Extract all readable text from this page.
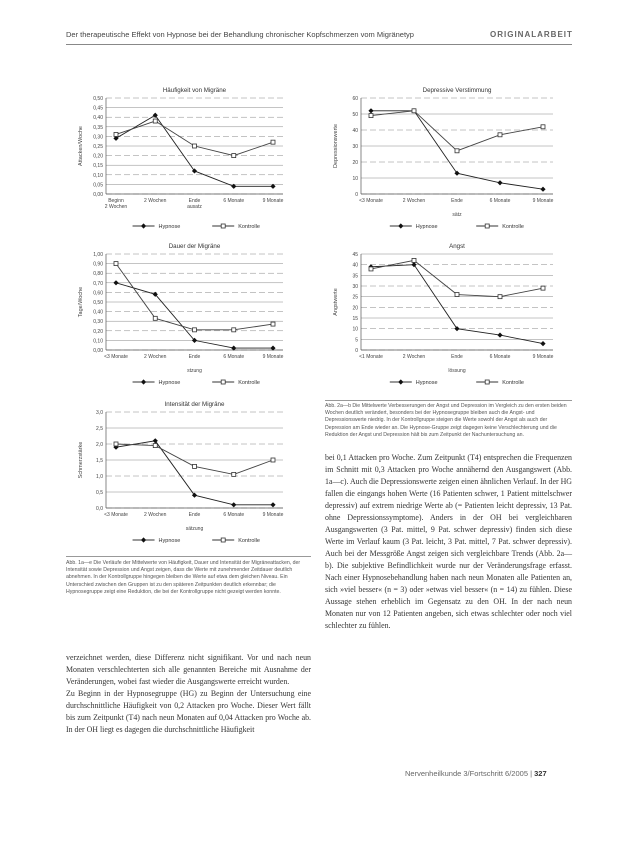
Der therapeutische Effekt von Hypnose bei der Behandlung chronischer Kopfschmerzen vom Migränetyp	ORIGINALARBEIT
Häufigkeit von Migräne
0,00
0,05
0,10
0,15
0,20
0,25
0,30
0,35
0,40
0,45
0,50
Attacken/Woche
Beginn
2 Wochen
2 Wochen	Ende
ausatz
6 Monate	9 Monate
Hypnose	Kontrolle
Depressive Verstimmung
0
10
20
30
40
50
60
Depressionswerte
<3 Monate	2 Wochen	Ende	6 Monate	9 Monate
sätz
Hypnose	Kontrolle
Dauer der Migräne
0,00
0,10
0,20
0,30
0,40
0,50
0,60
0,70
0,80
0,90
1,00
Tage/Woche
<3 Monate	2 Wochen	Ende	6 Monate	9 Monate
stzung
Hypnose	Kontrolle
Angst
0
5
10
15
20
25
30
35
40
45
Angstwerte
<1 Monate	2 Wochen	Ende	6 Monate	9 Monate
lössung
Hypnose	Kontrolle
Intensität der Migräne
0,0
0,5
1,0
1,5
2,0
2,5
3,0
Schmerzstärke
<3 Monate	2 Wochen	Ende	6 Monate	9 Monate
sätzung
Hypnose	Kontrolle
Abb. 2a—b Die Mittelwerte Verbesserungen der Angst und Depression im Vergleich zu den ersten beiden Wochen deutlich verändert, besonders bei der Hypnosegruppe bleiben auch die Angst- und Depressionswerte niedrig. In der Kontrollgruppe steigen die Werte sowohl der Angst als auch der Depression am Ende wieder an. Die Hypnose-Gruppe zeigt dagegen keine Verschlechterung und die Reduktion der Angst und Depression hält bis zum Zeitpunkt der Nachuntersuchung an.
Abb. 1a—e Die Verläufe der Mittelwerte von Häufigkeit, Dauer und Intensität der Migräneattacken, der Intensität sowie Depression und Angst zeigen, dass die Werte mit zunehmender Zeitdauer deutlich abnehmen. In der Kontrollgruppe hingegen bleiben die Werte auf etwa dem gleichen Niveau. Ein Unterschied zwischen den Gruppen ist zu den späteren Zeitpunkten deutlich erkennbar; die Hypnosegruppe zeigt eine Reduktion, die bei der Kontrollgruppe nicht gezeigt werden konnte.

verzeichnet werden, diese Differenz nicht signifikant. Vor und nach neun Monaten verschlechterten sich alle genannten Bereiche mit Ausnahme der Veränderungen, wobei fast wieder die Ausgangswerte erreicht wurden.

Zu Beginn in der Hypnosegruppe (HG) zu Beginn der Untersuchung eine durchschnittliche Häufigkeit von 0,2 Attacken pro Woche. Dieser Wert fällt bis zum Zeitpunkt (T4) nach neun Monaten auf 0,04 Attacken pro Woche ab. In der OH liegt es dagegen die durchschnittliche Häufigkeit

bei 0,1 Attacken pro Woche. Zum Zeitpunkt (T4) entsprechen die Frequenzen im Schnitt mit 0,3 Attacken pro Woche annähernd den Ausgangswert (Abb. 1a—c). Auch die Depressionswerte zeigen einen ähnlichen Verlauf. In der HG fallen die eingangs hohen Werte (16 Patienten schwer, 1 Patient mittelschwer depressiv) auf extrem niedrige Werte ab (= Patienten leicht depressiv, 13 Pat. ohne Depressionssymptome). Anders in der OH bei vergleichbaren Ausgangswerten (3 Pat. mittel, 9 Pat. schwer depressiv) finden sich diese Werte im Verlauf kaum (3 Pat. leicht, 3 Pat. mittel, 7 Pat. schwer depressiv). Auch bei der Messgröße Angst zeigen sich vergleichbare Trends (Abb. 2a—b). Die subjektive Befindlichkeit wurde nur der Veränderungsfrage erfasst. Nach einer Hypnosebehandlung haben nach neun Monaten alle Patienten an, sich »viel besser« (n = 3) oder »etwas viel besser« (n = 14) zu fühlen. Diese Aussage stehen erheblich im Gegensatz zu den OH. In der nach neun Monaten nur von 12 Patienten angeben, sich etwas schlechter oder noch viel schlechter zu fühlen.

Nervenheilkunde 3/Fortschritt 6/2005 | 327
